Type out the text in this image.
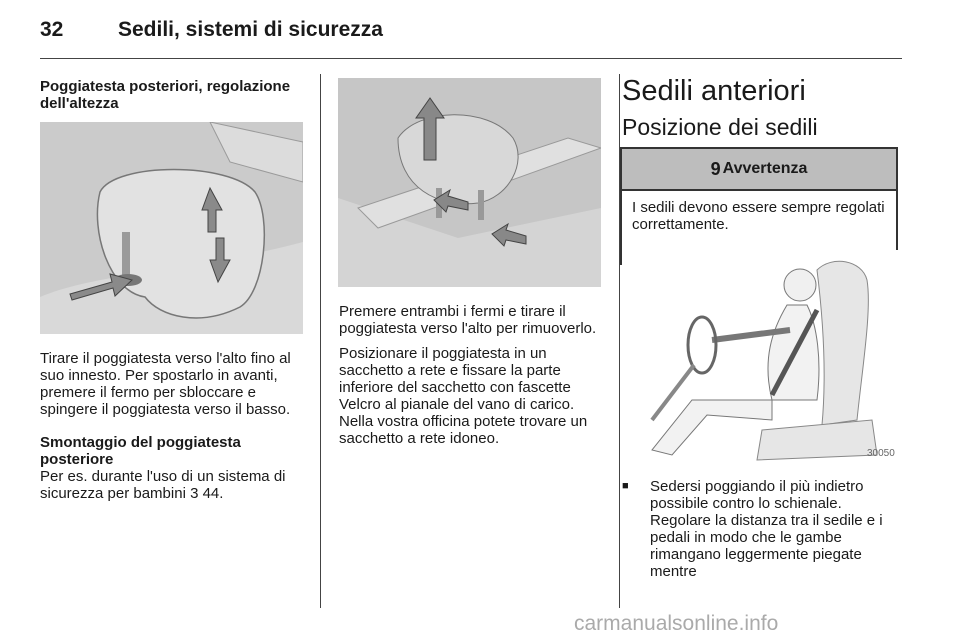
32	Sedili, sistemi di sicurezza
Poggiatesta posteriori, regolazione dell'altezza

Tirare il poggiatesta verso l'alto fino al suo innesto. Per spostarlo in avanti, premere il fermo per sbloccare e spingere il poggiatesta verso il basso.

Smontaggio del poggiatesta posteriore

Per es. durante l'uso di un sistema di sicurezza per bambini 3 44.

Premere entrambi i fermi e tirare il poggiatesta verso l'alto per rimuoverlo.

Posizionare il poggiatesta in un sacchetto a rete e fissare la parte inferiore del sacchetto con fascette Velcro al pianale del vano di carico. Nella vostra officina potete trovare un sacchetto a rete idoneo.

Sedili anteriori
Posizione dei sedili
9 Avvertenza
I sedili devono essere sempre regolati correttamente.
30050
■ Sedersi poggiando il più indietro possibile contro lo schienale. Regolare la distanza tra il sedile e i pedali in modo che le gambe rimangano leggermente piegate mentre
carmanualsonline.info
